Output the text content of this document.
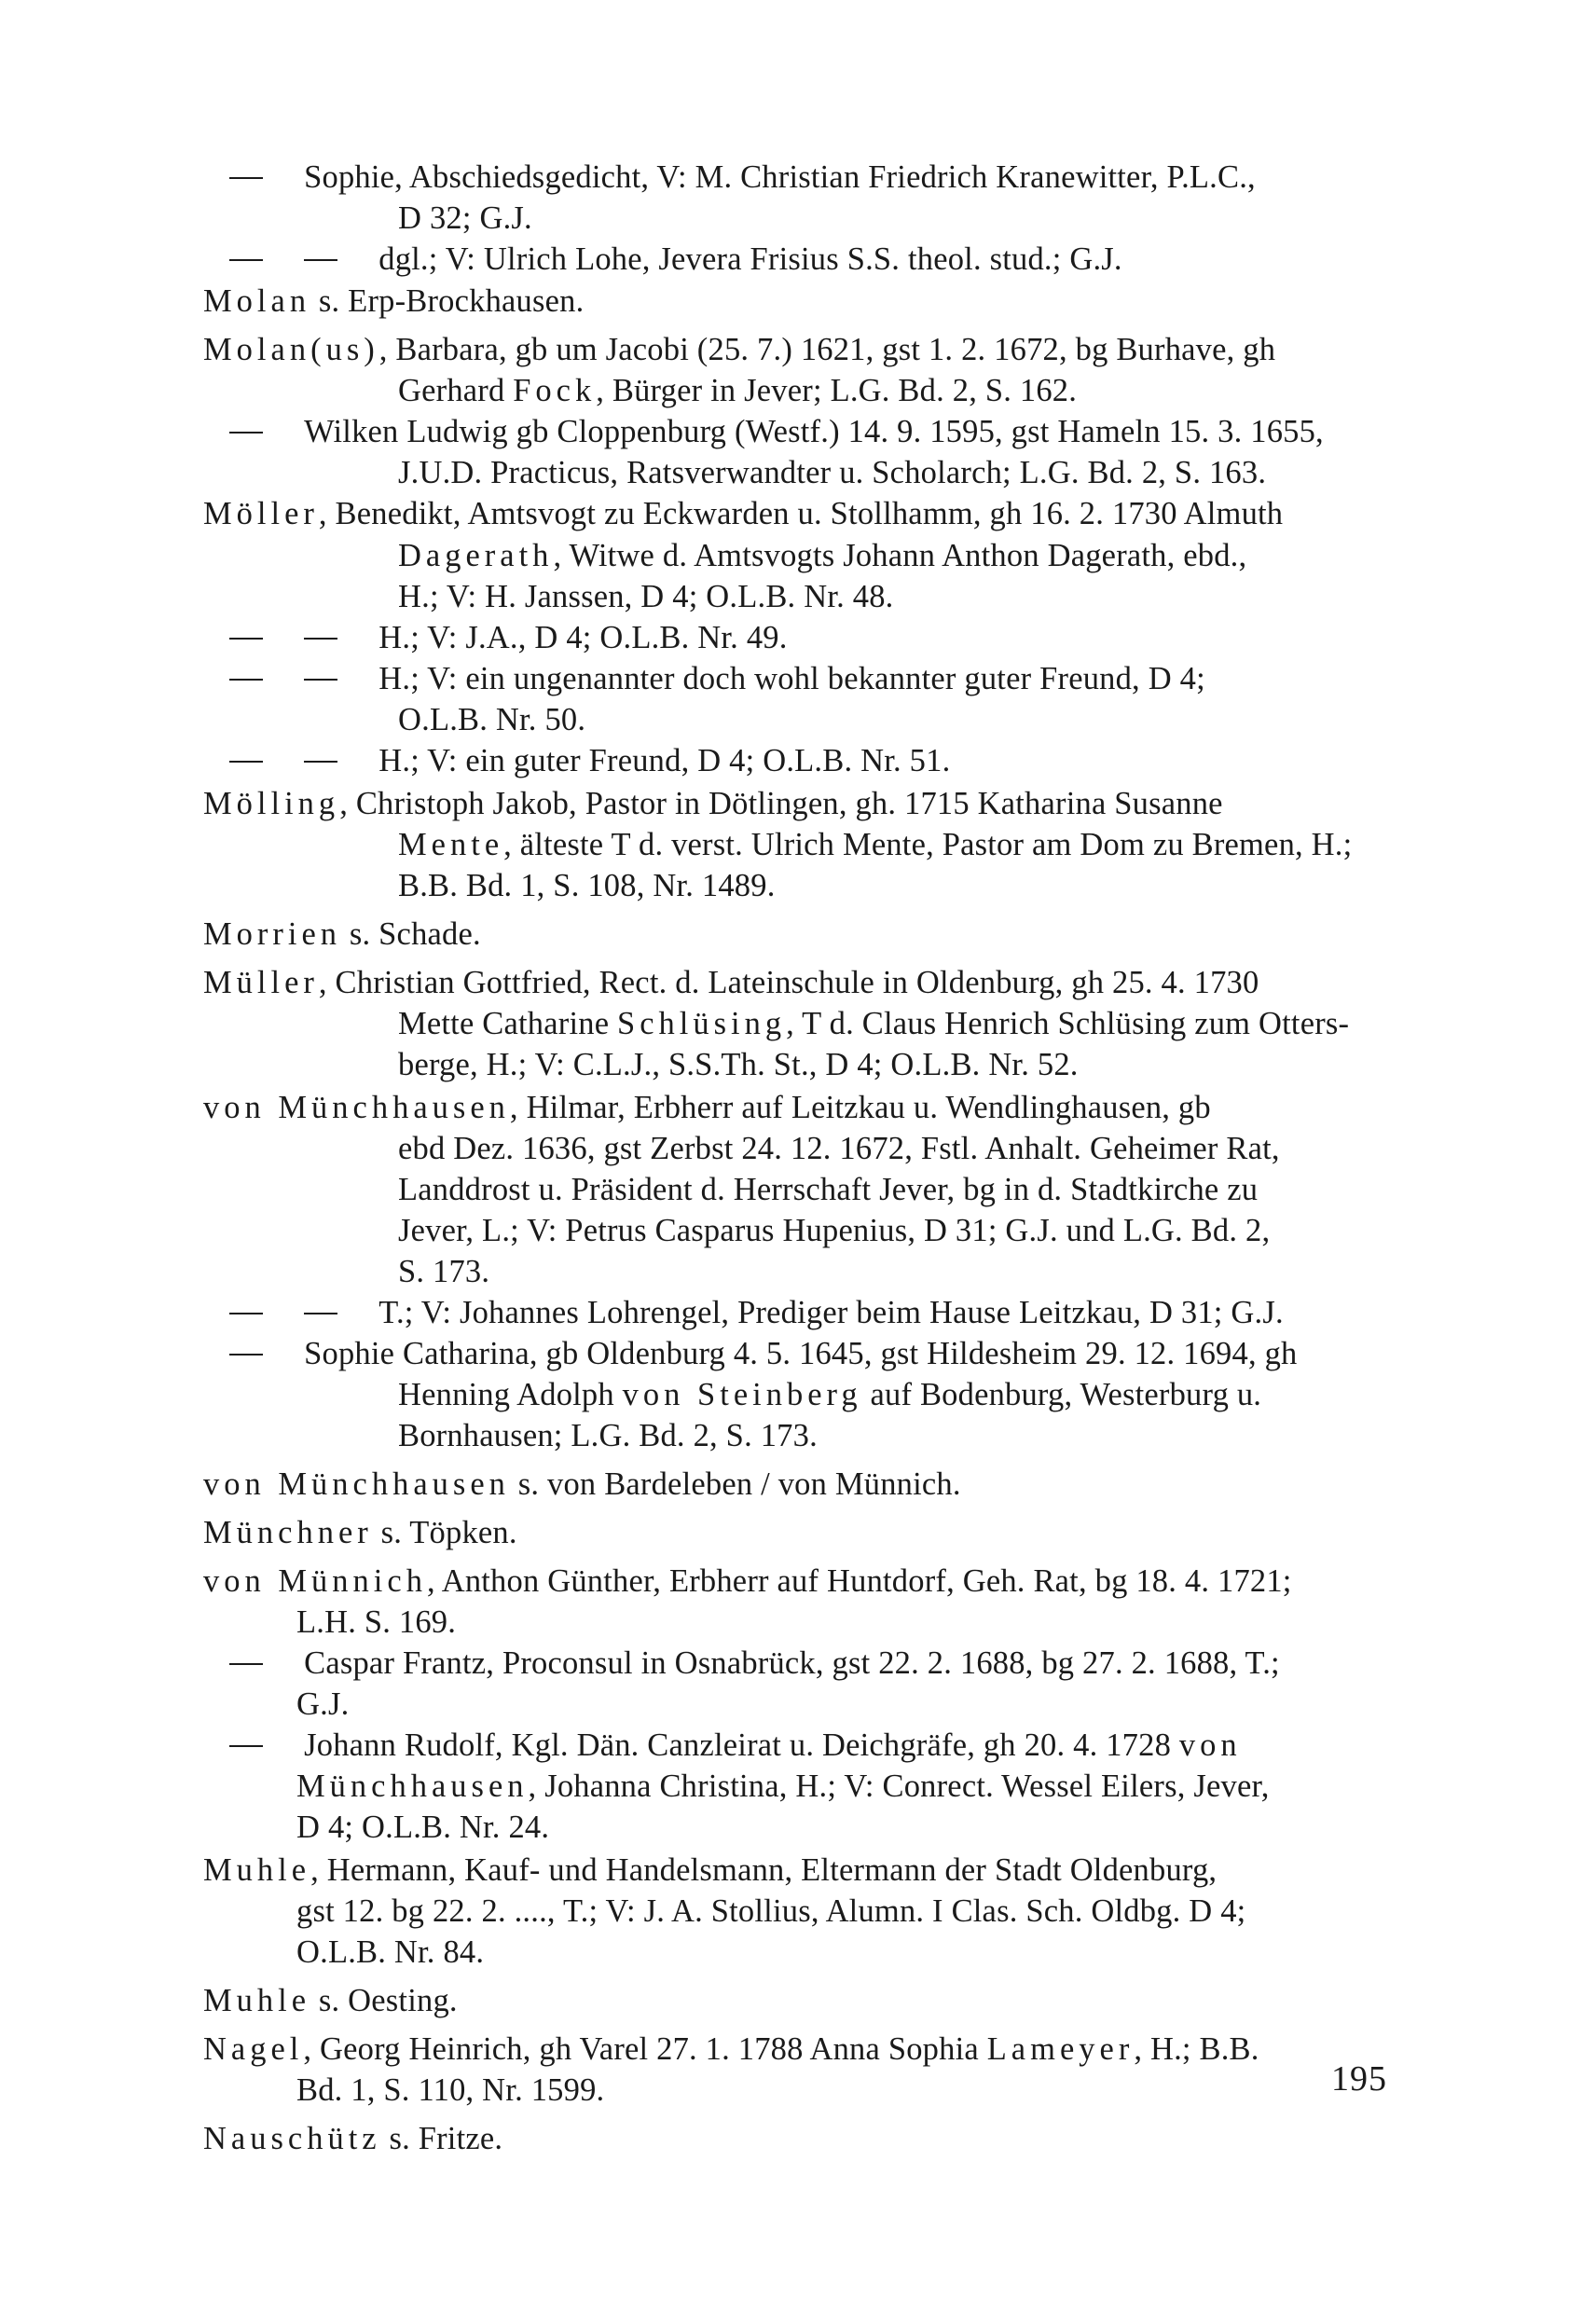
Sophie, Abschiedsgedicht, V: M. Christian Friedrich Kranewitter, P.L.C.,
D 32; G.J.
dgl.; V: Ulrich Lohe, Jevera Frisius S.S. theol. stud.; G.J.
Molan s. Erp-Brockhausen.
Molan(us), Barbara, gb um Jacobi (25. 7.) 1621, gst 1. 2. 1672, bg Burhave, gh
Gerhard Fock, Bürger in Jever; L.G. Bd. 2, S. 162.
Wilken Ludwig gb Cloppenburg (Westf.) 14. 9. 1595, gst Hameln 15. 3. 1655,
J.U.D. Practicus, Ratsverwandter u. Scholarch; L.G. Bd. 2, S. 163.
Möller, Benedikt, Amtsvogt zu Eckwarden u. Stollhamm, gh 16. 2. 1730 Almuth
Dagerath, Witwe d. Amtsvogts Johann Anthon Dagerath, ebd.,
H.; V: H. Janssen, D 4; O.L.B. Nr. 48.
H.; V: J.A., D 4; O.L.B. Nr. 49.
H.; V: ein ungenannter doch wohl bekannter guter Freund, D 4;
O.L.B. Nr. 50.
H.; V: ein guter Freund, D 4; O.L.B. Nr. 51.
Mölling, Christoph Jakob, Pastor in Dötlingen, gh. 1715 Katharina Susanne
Mente, älteste T d. verst. Ulrich Mente, Pastor am Dom zu Bremen, H.;
B.B. Bd. 1, S. 108, Nr. 1489.
Morrien s. Schade.
Müller, Christian Gottfried, Rect. d. Lateinschule in Oldenburg, gh 25. 4. 1730
Mette Catharine Schlüsing, T d. Claus Henrich Schlüsing zum Otters-
berge, H.; V: C.L.J., S.S.Th. St., D 4; O.L.B. Nr. 52.
von Münchhausen, Hilmar, Erbherr auf Leitzkau u. Wendlinghausen, gb
ebd Dez. 1636, gst Zerbst 24. 12. 1672, Fstl. Anhalt. Geheimer Rat,
Landdrost u. Präsident d. Herrschaft Jever, bg in d. Stadtkirche zu
Jever, L.; V: Petrus Casparus Hupenius, D 31; G.J. und L.G. Bd. 2,
S. 173.
T.; V: Johannes Lohrengel, Prediger beim Hause Leitzkau, D 31; G.J.
Sophie Catharina, gb Oldenburg 4. 5. 1645, gst Hildesheim 29. 12. 1694, gh
Henning Adolph von Steinberg auf Bodenburg, Westerburg u.
Bornhausen; L.G. Bd. 2, S. 173.
von Münchhausen s. von Bardeleben / von Münnich.
Münchner s. Töpken.
von Münnich, Anthon Günther, Erbherr auf Huntdorf, Geh. Rat, bg 18. 4. 1721;
L.H. S. 169.
Caspar Frantz, Proconsul in Osnabrück, gst 22. 2. 1688, bg 27. 2. 1688, T.;
G.J.
Johann Rudolf, Kgl. Dän. Canzleirat u. Deichgräfe, gh 20. 4. 1728 von
Münchhausen, Johanna Christina, H.; V: Conrect. Wessel Eilers, Jever,
D 4; O.L.B. Nr. 24.
Muhle, Hermann, Kauf- und Handelsmann, Eltermann der Stadt Oldenburg,
gst 12. bg 22. 2. ...., T.; V: J. A. Stollius, Alumn. I Clas. Sch. Oldbg. D 4;
O.L.B. Nr. 84.
Muhle s. Oesting.
Nagel, Georg Heinrich, gh Varel 27. 1. 1788 Anna Sophia Lameyer, H.; B.B.
Bd. 1, S. 110, Nr. 1599.
Nauschütz s. Fritze.
195
